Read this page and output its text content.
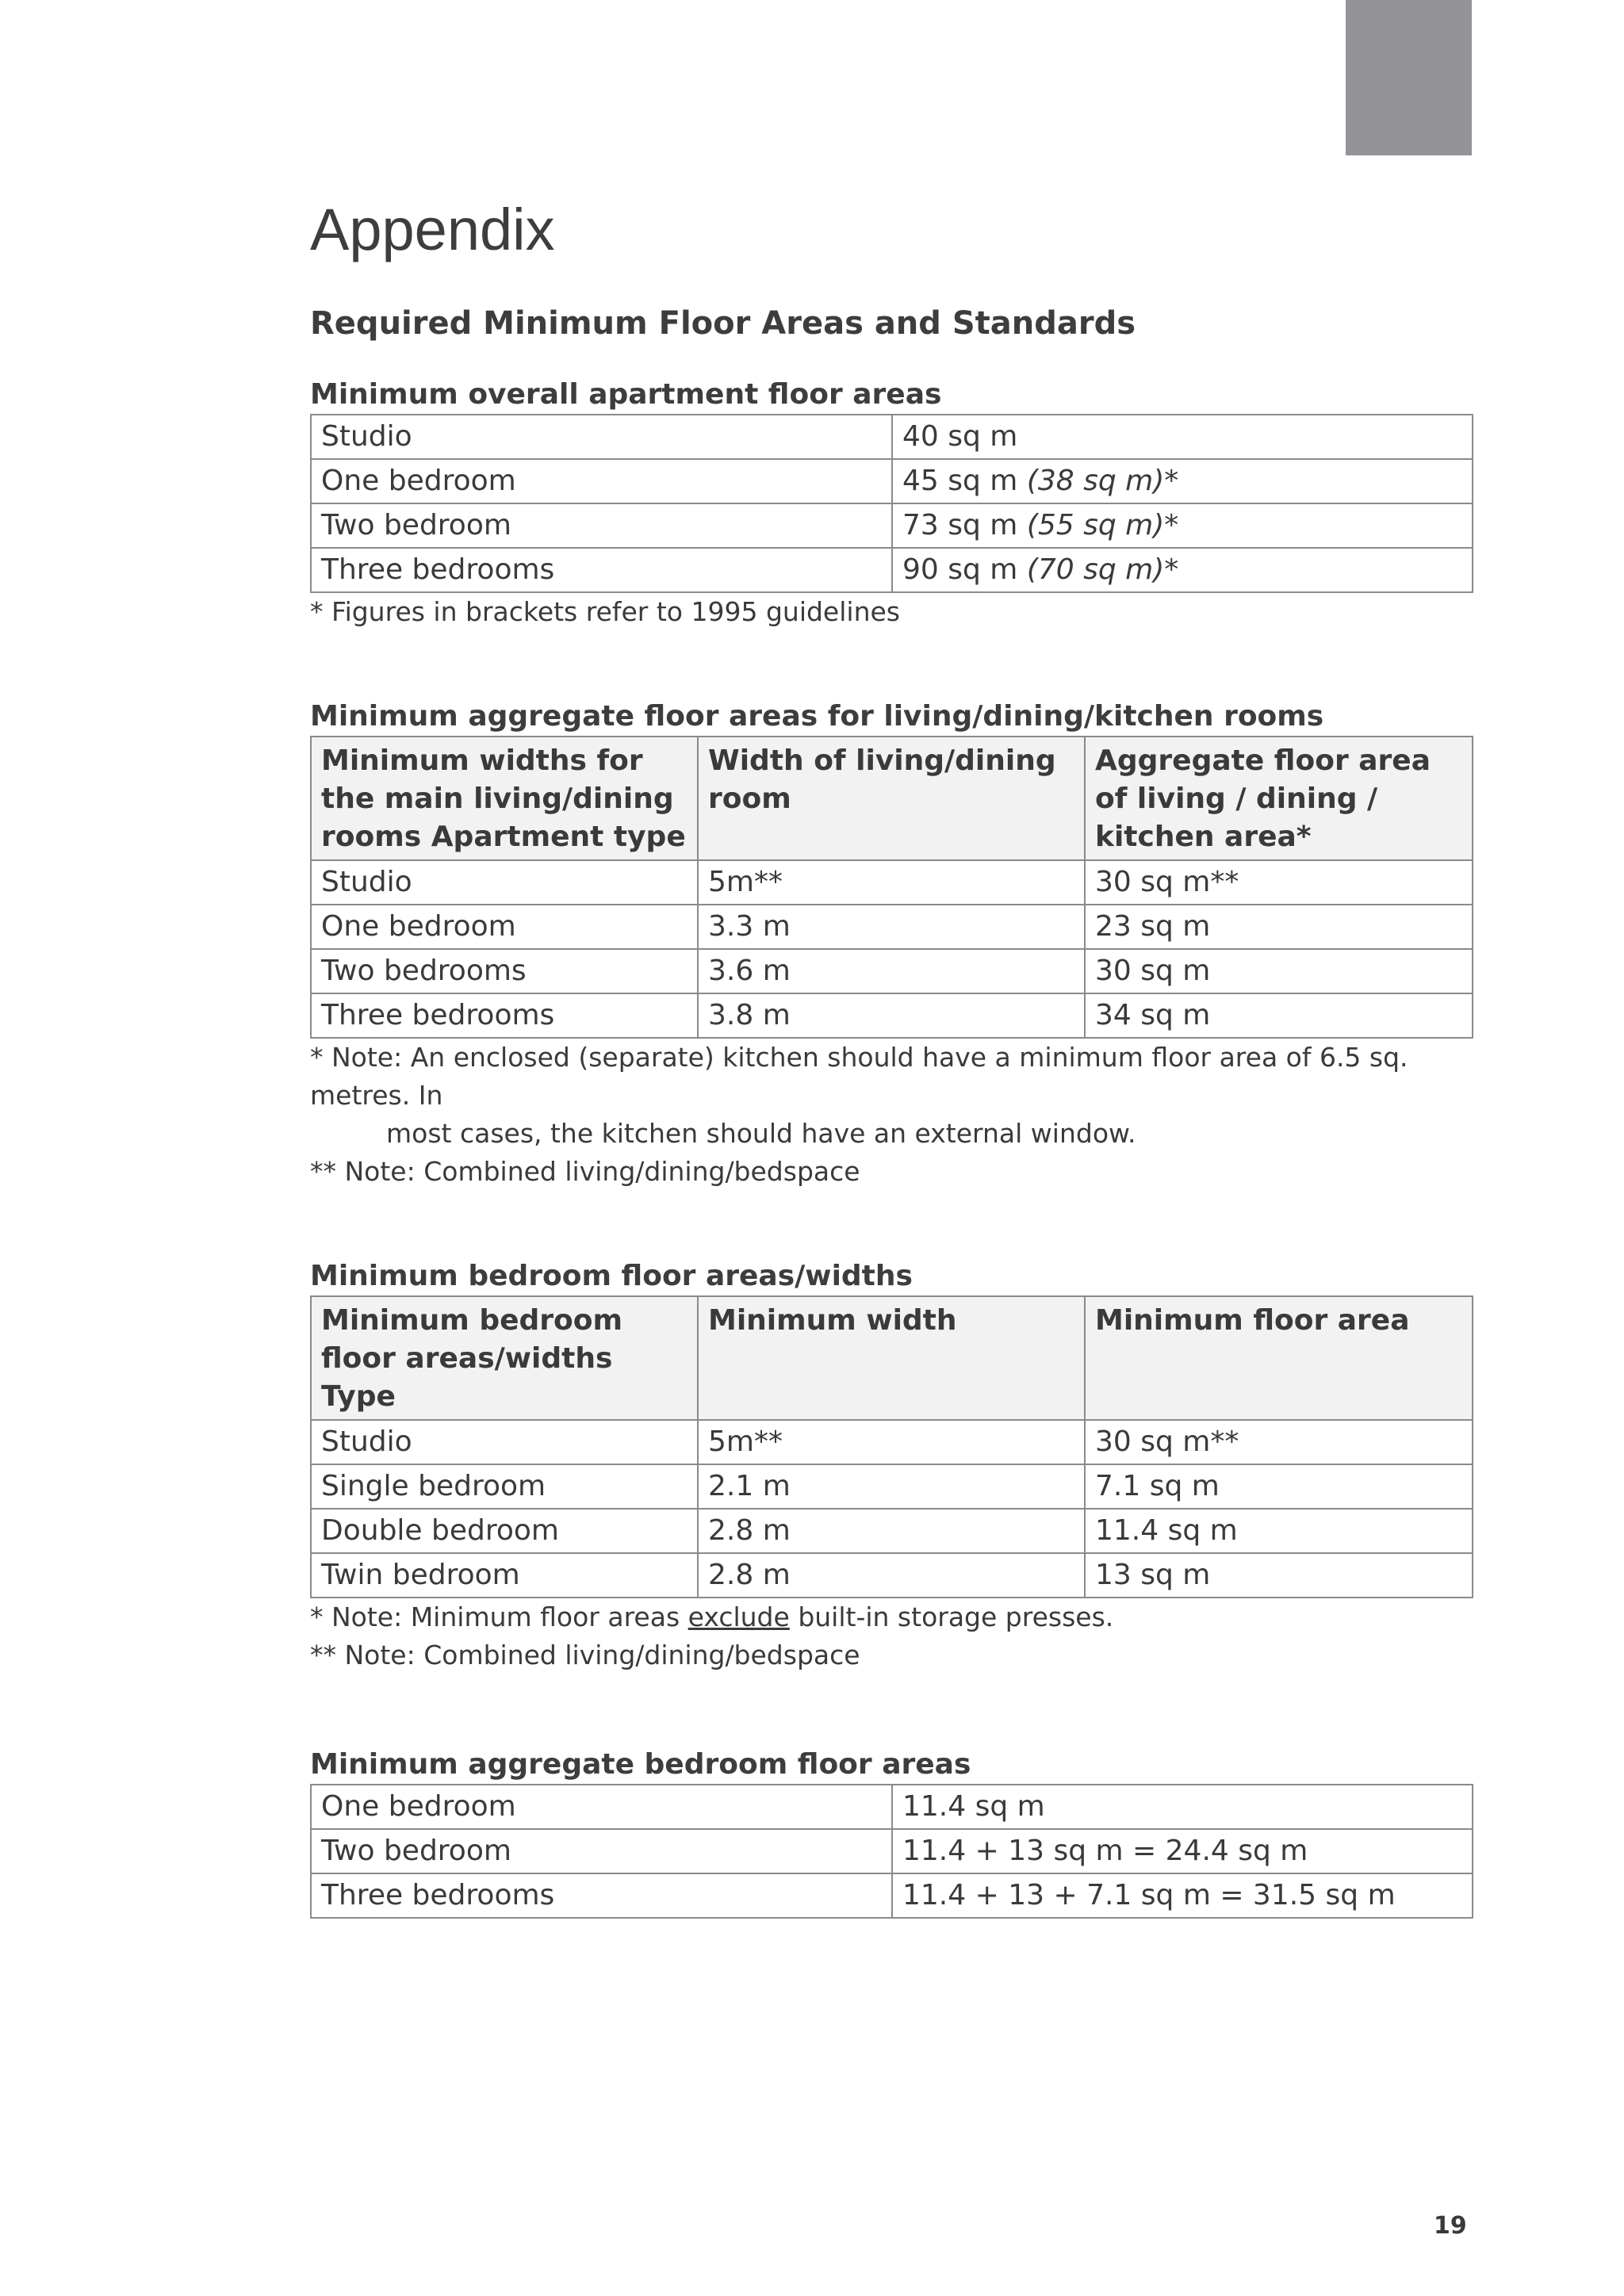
Appendix
Required Minimum Floor Areas and Standards

Minimum overall apartment floor areas

Studio	40 sq m
One bedroom	45 sq m (38 sq m)*
Two bedroom	73 sq m (55 sq m)*
Three bedrooms	90 sq m (70 sq m)*

* Figures in brackets refer to 1995 guidelines

Minimum aggregate floor areas for living/dining/kitchen rooms

Minimum widths for the main living/dining rooms Apartment type	Width of living/dining room	Aggregate floor area of living / dining / kitchen area*
Studio	5m**	30 sq m**
One bedroom	3.3 m	23 sq m
Two bedrooms	3.6 m	30 sq m
Three bedrooms	3.8 m	34 sq m

* Note: An enclosed (separate) kitchen should have a minimum floor area of 6.5 sq. metres. In

most cases, the kitchen should have an external window.

** Note: Combined living/dining/bedspace

Minimum bedroom floor areas/widths

Minimum bedroom floor areas/widths Type	Minimum width	Minimum floor area
Studio	5m**	30 sq m**
Single bedroom	2.1 m	7.1 sq m
Double bedroom	2.8 m	11.4 sq m
Twin bedroom	2.8 m	13 sq m

* Note: Minimum floor areas exclude built-in storage presses.

** Note: Combined living/dining/bedspace

Minimum aggregate bedroom floor areas

One bedroom	11.4 sq m
Two bedroom	11.4 + 13 sq m = 24.4 sq m
Three bedrooms	11.4 + 13 + 7.1 sq m = 31.5 sq m
19
